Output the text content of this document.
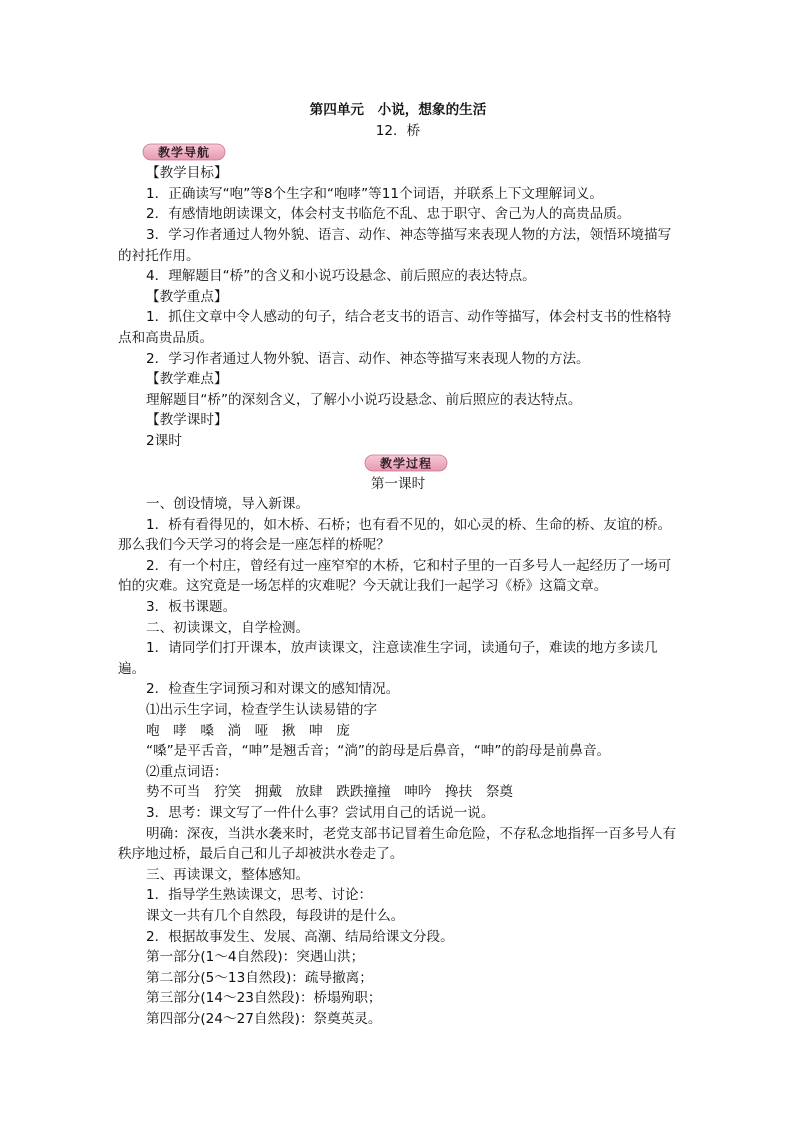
第四单元　小说，想象的生活

12．桥

教学导航

【教学目标】

1．正确读写“咆”等8个生字和“咆哮”等11个词语，并联系上下文理解词义。

2．有感情地朗读课文，体会村支书临危不乱、忠于职守、舍己为人的高贵品质。

3．学习作者通过人物外貌、语言、动作、神态等描写来表现人物的方法，领悟环境描写的衬托作用。

4．理解题目“桥”的含义和小说巧设悬念、前后照应的表达特点。

【教学重点】

1．抓住文章中令人感动的句子，结合老支书的语言、动作等描写，体会村支书的性格特点和高贵品质。

2．学习作者通过人物外貌、语言、动作、神态等描写来表现人物的方法。

【教学难点】

理解题目“桥”的深刻含义，了解小小说巧设悬念、前后照应的表达特点。

【教学课时】

2课时

教学过程

第一课时

一、创设情境，导入新课。

1．桥有看得见的，如木桥、石桥；也有看不见的，如心灵的桥、生命的桥、友谊的桥。那么我们今天学习的将会是一座怎样的桥呢？

2．有一个村庄，曾经有过一座窄窄的木桥，它和村子里的一百多号人一起经历了一场可怕的灾难。这究竟是一场怎样的灾难呢？今天就让我们一起学习《桥》这篇文章。

3．板书课题。

二、初读课文，自学检测。

1．请同学们打开课本，放声读课文，注意读准生字词，读通句子，难读的地方多读几遍。

2．检查生字词预习和对课文的感知情况。

⑴出示生字词，检查学生认读易错的字

咆　哮　嗓　淌　哑　揪　呻　庞

“嗓”是平舌音，“呻”是翘舌音；“淌”的韵母是后鼻音，“呻”的韵母是前鼻音。

⑵重点词语：

势不可当　狞笑　拥戴　放肆　跌跌撞撞　呻吟　搀扶　祭奠

3．思考：课文写了一件什么事？尝试用自己的话说一说。

明确：深夜，当洪水袭来时，老党支部书记冒着生命危险，不存私念地指挥一百多号人有秩序地过桥，最后自己和儿子却被洪水卷走了。

三、再读课文，整体感知。

1．指导学生熟读课文，思考、讨论：

课文一共有几个自然段，每段讲的是什么。

2．根据故事发生、发展、高潮、结局给课文分段。

第一部分(1～4自然段)：突遇山洪；

第二部分(5～13自然段)：疏导撤离；

第三部分(14～23自然段)：桥塌殉职；

第四部分(24～27自然段)：祭奠英灵。
